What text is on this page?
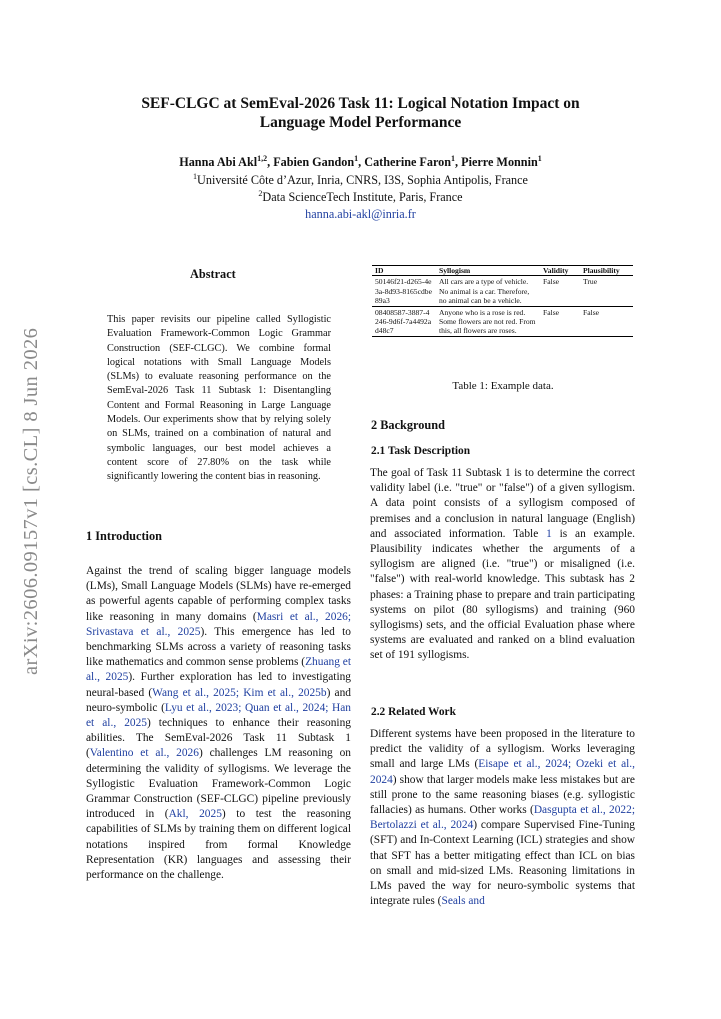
arXiv:2606.09157v1 [cs.CL] 8 Jun 2026
SEF-CLGC at SemEval-2026 Task 11: Logical Notation Impact on
Language Model Performance
Hanna Abi Akl$^{1,2}$, Fabien Gandon$^1$, Catherine Faron$^1$, Pierre Monnin$^1$
$^1$Université Côte d’Azur, Inria, CNRS, I3S, Sophia Antipolis, France
$^2$Data ScienceTech Institute, Paris, France
hanna.abi-akl@inria.fr
Abstract
This paper revisits our pipeline called Syllogistic Evaluation Framework-Common Logic Grammar Construction (SEF-CLGC). We combine formal logical notations with Small Language Models (SLMs) to evaluate reasoning performance on the SemEval-2026 Task 11 Subtask 1: Disentangling Content and Formal Reasoning in Large Language Models. Our experiments show that by relying solely on SLMs, trained on a combination of natural and symbolic languages, our best model achieves a content score of 27.80% on the task while significantly lowering the content bias in reasoning.
1 Introduction
Against the trend of scaling bigger language models (LMs), Small Language Models (SLMs) have re-emerged as powerful agents capable of performing complex tasks like reasoning in many domains (Masri et al., 2026; Srivastava et al., 2025). This emergence has led to benchmarking SLMs across a variety of reasoning tasks like mathematics and common sense problems (Zhuang et al., 2025). Further exploration has led to investigating neural-based (Wang et al., 2025; Kim et al., 2025b) and neuro-symbolic (Lyu et al., 2023; Quan et al., 2024; Han et al., 2025) techniques to enhance their reasoning abilities. The SemEval-2026 Task 11 Subtask 1 (Valentino et al., 2026) challenges LM reasoning on determining the validity of syllogisms. We leverage the Syllogistic Evaluation Framework-Common Logic Grammar Construction (SEF-CLGC) pipeline previously introduced in (Akl, 2025) to test the reasoning capabilities of SLMs by training them on different logical notations inspired from formal Knowledge Representation (KR) languages and assessing their performance on the challenge.
ID	Syllogism	Validity	Plausibility
50146f21-d265-4e3a-8d93-8165cdbe89a3	All cars are a type of vehicle. No animal is a car. Therefore, no animal can be a vehicle.	False	True
08408587-3887-4246-9d6f-7a4492ad48c7	Anyone who is a rose is red. Some flowers are not red. From this, all flowers are roses.	False	False
Table 1: Example data.
2 Background
2.1 Task Description
The goal of Task 11 Subtask 1 is to determine the correct validity label (i.e. "true" or "false") of a given syllogism. A data point consists of a syllogism composed of premises and a conclusion in natural language (English) and associated information. Table 1 is an example. Plausibility indicates whether the arguments of a syllogism are aligned (i.e. "true") or misaligned (i.e. "false") with real-world knowledge. This subtask has 2 phases: a Training phase to prepare and train participating systems on pilot (80 syllogisms) and training (960 syllogisms) sets, and the official Evaluation phase where systems are evaluated and ranked on a blind evaluation set of 191 syllogisms.
2.2 Related Work
Different systems have been proposed in the literature to predict the validity of a syllogism. Works leveraging small and large LMs (Eisape et al., 2024; Ozeki et al., 2024) show that larger models make less mistakes but are still prone to the same reasoning biases (e.g. syllogistic fallacies) as humans. Other works (Dasgupta et al., 2022; Bertolazzi et al., 2024) compare Supervised Fine-Tuning (SFT) and In-Context Learning (ICL) strategies and show that SFT has a better mitigating effect than ICL on bias on small and mid-sized LMs. Reasoning limitations in LMs paved the way for neuro-symbolic systems that integrate rules (Seals and
